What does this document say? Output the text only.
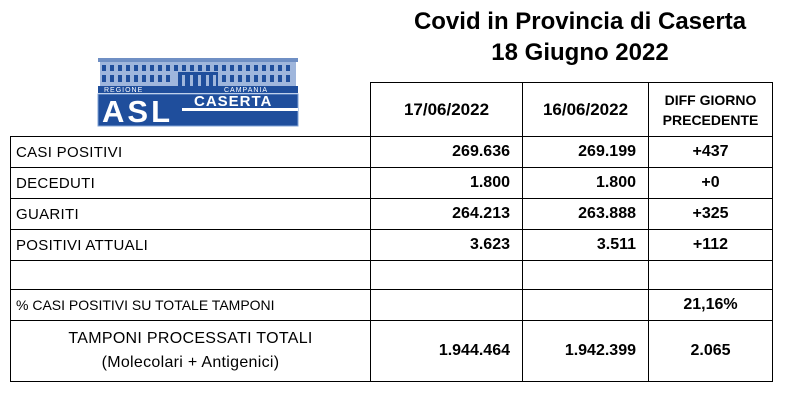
Covid in Provincia di Caserta
18 Giugno 2022
REGIONE	CAMPANIA
ASL CASERTA
		17/06/2022	16/06/2022	DIFF GIORNO
PRECEDENTE

CASI POSITIVI	269.636	269.199	+437
DECEDUTI	1.800	1.800	+0
GUARITI	264.213	263.888	+325
POSITIVI ATTUALI	3.623	3.511	+112

% CASI POSITIVI SU TOTALE TAMPONI			21,16%

TAMPONI PROCESSATI TOTALI
(Molecolari + Antigenici)	1.944.464	1.942.399	2.065
